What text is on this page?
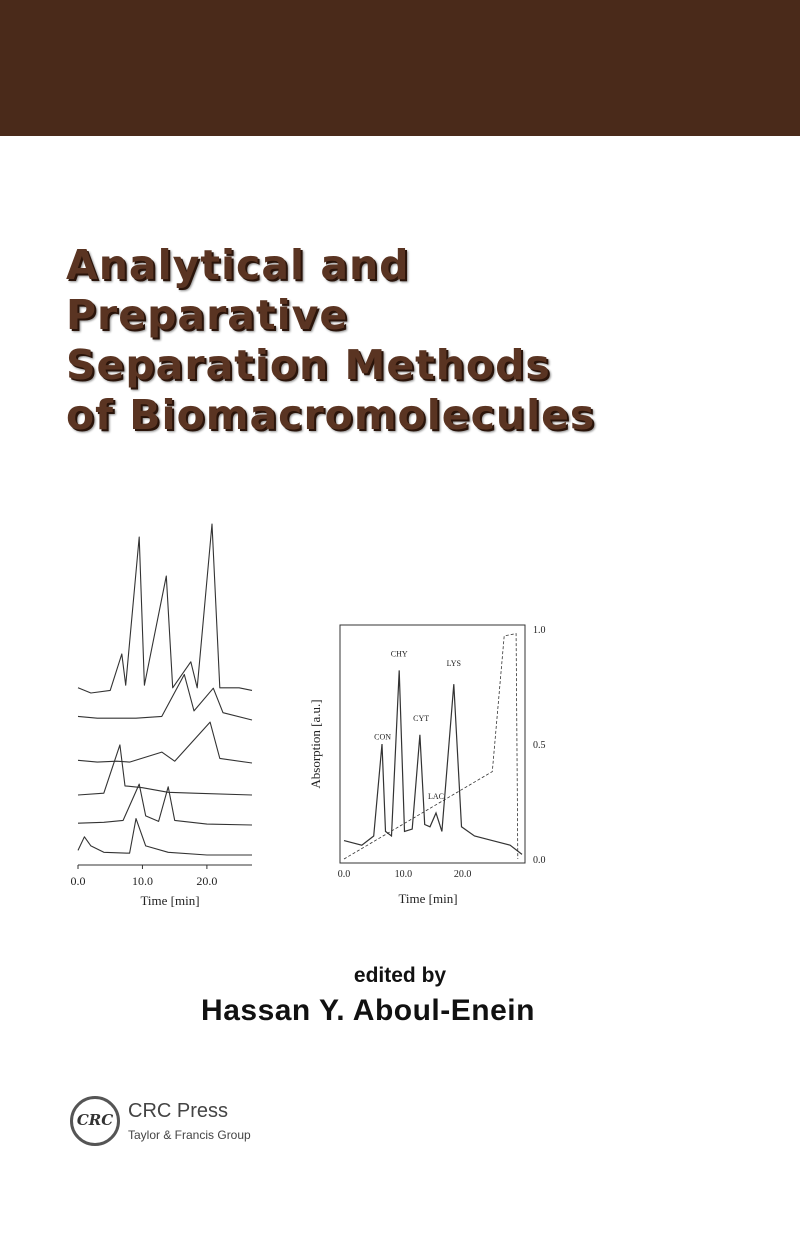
Analytical and
Preparative
Separation Methods
of Biomacromolecules
0.0	10.0	20.0
Time [min]
0.0	10.0	20.0
0.0
0.5
1.0
CON
CHY
CYT
LAC
LYS
Absorption [a.u.]
Time [min]
edited by
Hassan Y. Aboul-Enein
CRC CRC Press
Taylor & Francis Group
